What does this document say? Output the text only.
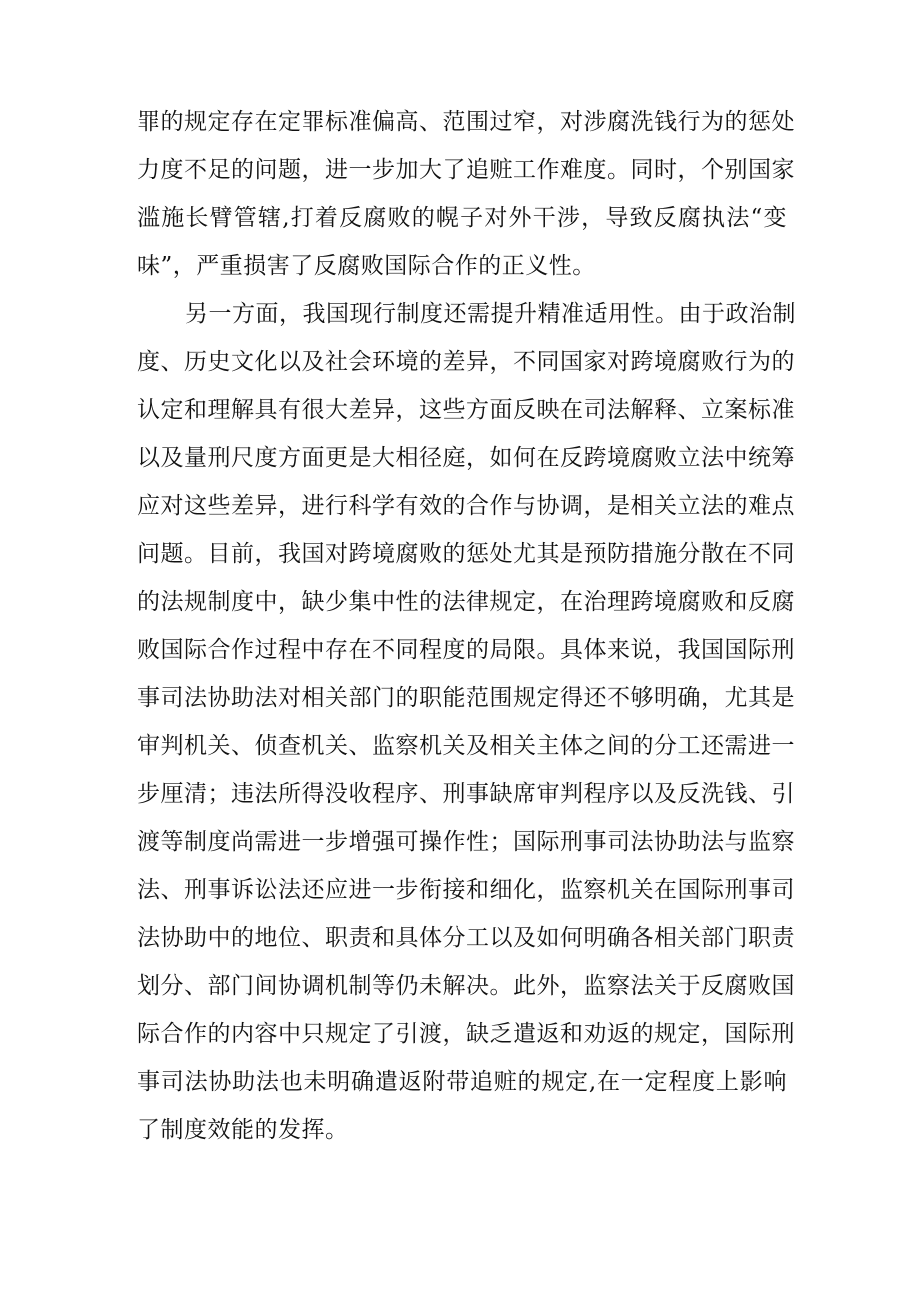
罪的规定存在定罪标准偏高、范围过窄，对涉腐洗钱行为的惩处
力度不足的问题，进一步加大了追赃工作难度。同时，个别国家
滥施长臂管辖,打着反腐败的幌子对外干涉，导致反腐执法“变
味”，严重损害了反腐败国际合作的正义性。
另一方面，我国现行制度还需提升精准适用性。由于政治制
度、历史文化以及社会环境的差异，不同国家对跨境腐败行为的
认定和理解具有很大差异，这些方面反映在司法解释、立案标准
以及量刑尺度方面更是大相径庭，如何在反跨境腐败立法中统筹
应对这些差异，进行科学有效的合作与协调，是相关立法的难点
问题。目前，我国对跨境腐败的惩处尤其是预防措施分散在不同
的法规制度中，缺少集中性的法律规定，在治理跨境腐败和反腐
败国际合作过程中存在不同程度的局限。具体来说，我国国际刑
事司法协助法对相关部门的职能范围规定得还不够明确，尤其是
审判机关、侦查机关、监察机关及相关主体之间的分工还需进一
步厘清；违法所得没收程序、刑事缺席审判程序以及反洗钱、引
渡等制度尚需进一步增强可操作性；国际刑事司法协助法与监察
法、刑事诉讼法还应进一步衔接和细化，监察机关在国际刑事司
法协助中的地位、职责和具体分工以及如何明确各相关部门职责
划分、部门间协调机制等仍未解决。此外，监察法关于反腐败国
际合作的内容中只规定了引渡，缺乏遣返和劝返的规定，国际刑
事司法协助法也未明确遣返附带追赃的规定,在一定程度上影响
了制度效能的发挥。
